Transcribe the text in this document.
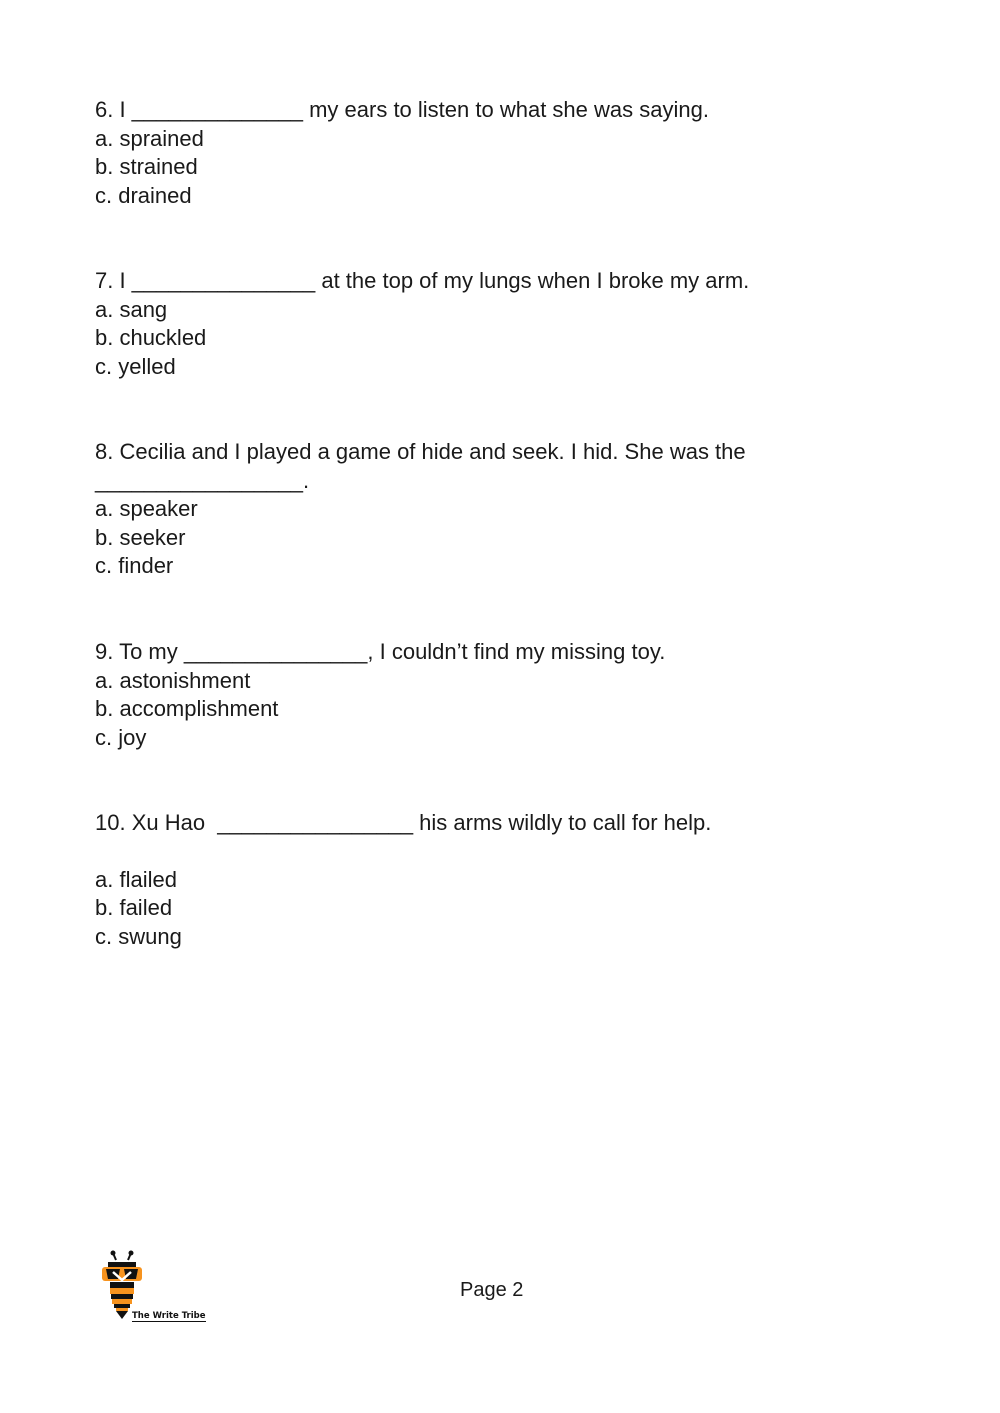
6. I ______________ my ears to listen to what she was saying.

a. sprained
b. strained
c. drained

7. I _______________ at the top of my lungs when I broke my arm.

a. sang
b. chuckled
c. yelled

8. Cecilia and I played a game of hide and seek. I hid. She was the
_________________.

a. speaker
b. seeker
c. finder

9. To my _______________, I couldn’t find my missing toy.

a. astonishment
b. accomplishment
c. joy

10. Xu Hao  ________________ his arms wildly to call for help.

a. flailed
b. failed
c. swung
The Write Tribe
Page 2
